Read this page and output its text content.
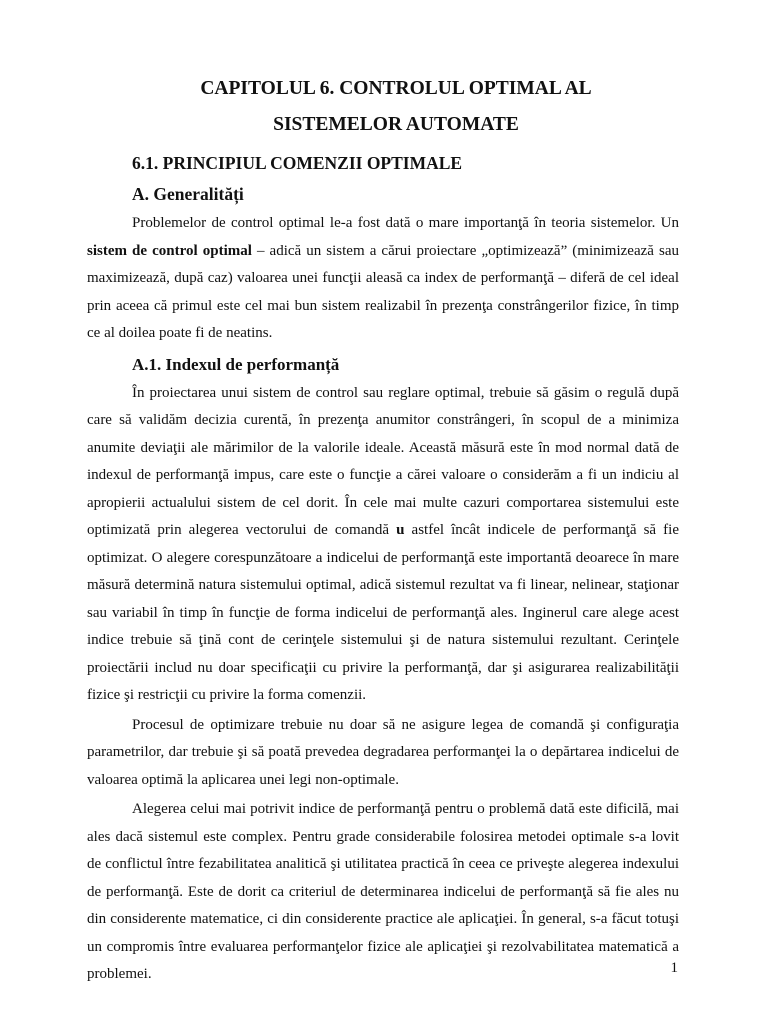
CAPITOLUL 6. CONTROLUL OPTIMAL AL
SISTEMELOR AUTOMATE
6.1. PRINCIPIUL COMENZII OPTIMALE
A. Generalități

Problemelor de control optimal le-a fost dată o mare importanţă în teoria sistemelor. Un sistem de control optimal – adică un sistem a cărui proiectare „optimizează” (minimizează sau maximizează, după caz) valoarea unei funcţii aleasă ca index de performanţă – diferă de cel ideal prin aceea că primul este cel mai bun sistem realizabil în prezenţa constrângerilor fizice, în timp ce al doilea poate fi de neatins.

A.1. Indexul de performanță

În proiectarea unui sistem de control sau reglare optimal, trebuie să găsim o regulă după care să validăm decizia curentă, în prezenţa anumitor constrângeri, în scopul de a minimiza anumite deviaţii ale mărimilor de la valorile ideale. Această măsură este în mod normal dată de indexul de performanţă impus, care este o funcţie a cărei valoare o considerăm a fi un indiciu al apropierii actualului sistem de cel dorit. În cele mai multe cazuri comportarea sistemului este optimizată prin alegerea vectorului de comandă u astfel încât indicele de performanţă să fie optimizat. O alegere corespunzătoare a indicelui de performanţă este importantă deoarece în mare măsură determină natura sistemului optimal, adică sistemul rezultat va fi linear, nelinear, staţionar sau variabil în timp în funcţie de forma indicelui de performanţă ales. Inginerul care alege acest indice trebuie să ţină cont de cerinţele sistemului şi de natura sistemului rezultant. Cerinţele proiectării includ nu doar specificaţii cu privire la performanţă, dar şi asigurarea realizabilităţii fizice şi restricţii cu privire la forma comenzii.

Procesul de optimizare trebuie nu doar să ne asigure legea de comandă şi configuraţia parametrilor, dar trebuie şi să poată prevedea degradarea performanţei la o depărtarea indicelui de valoarea optimă la aplicarea unei legi non-optimale.

Alegerea celui mai potrivit indice de performanţă pentru o problemă dată este dificilă, mai ales dacă sistemul este complex. Pentru grade considerabile folosirea metodei optimale s-a lovit de conflictul între fezabilitatea analitică şi utilitatea practică în ceea ce priveşte alegerea indexului de performanţă. Este de dorit ca criteriul de determinarea indicelui de performanţă să fie ales nu din considerente matematice, ci din considerente practice ale aplicaţiei. În general, s-a făcut totuşi un compromis între evaluarea performanţelor fizice ale aplicaţiei şi rezolvabilitatea matematică a problemei.	1
